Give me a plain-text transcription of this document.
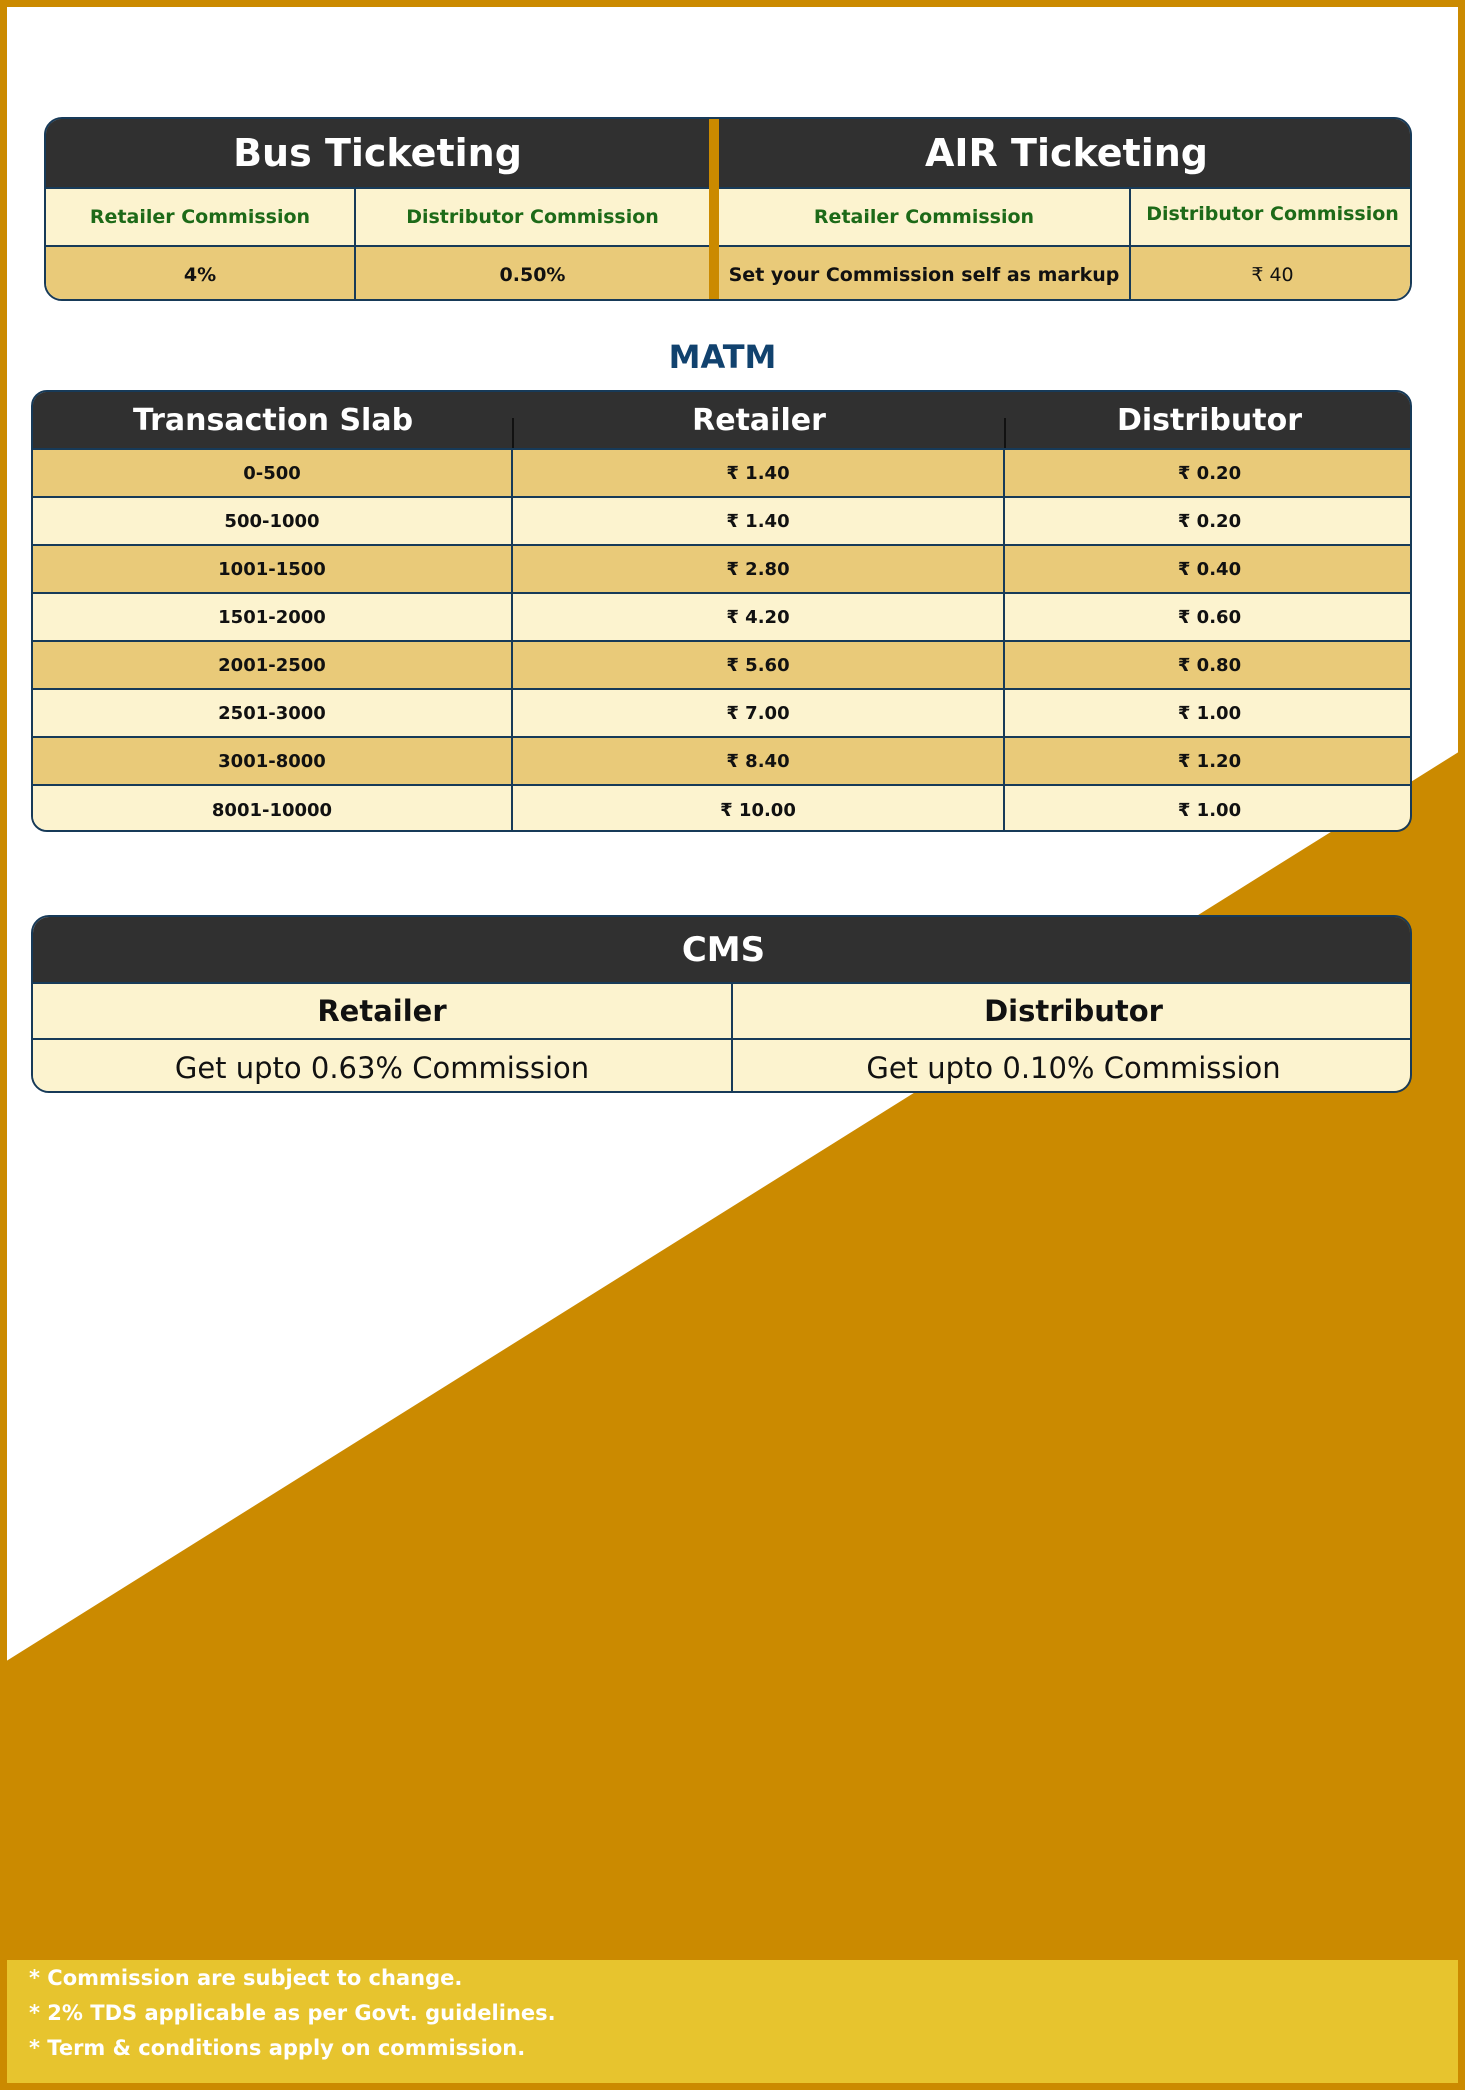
Bus Ticketing	AIR Ticketing
Retailer Commission	Distributor Commission	Retailer Commission	Distributor Commission
4%	0.50%	Set your Commission self as markup	₹ 40
MATM
Transaction Slab	Retailer	Distributor
0-500	₹ 1.40	₹ 0.20
500-1000	₹ 1.40	₹ 0.20
1001-1500	₹ 2.80	₹ 0.40
1501-2000	₹ 4.20	₹ 0.60
2001-2500	₹ 5.60	₹ 0.80
2501-3000	₹ 7.00	₹ 1.00
3001-8000	₹ 8.40	₹ 1.20
8001-10000	₹ 10.00	₹ 1.00
CMS
Retailer	Distributor
Get upto 0.63% Commission	Get upto 0.10% Commission
* Commission are subject to change.
* 2% TDS applicable as per Govt. guidelines.
* Term & conditions apply on commission.
